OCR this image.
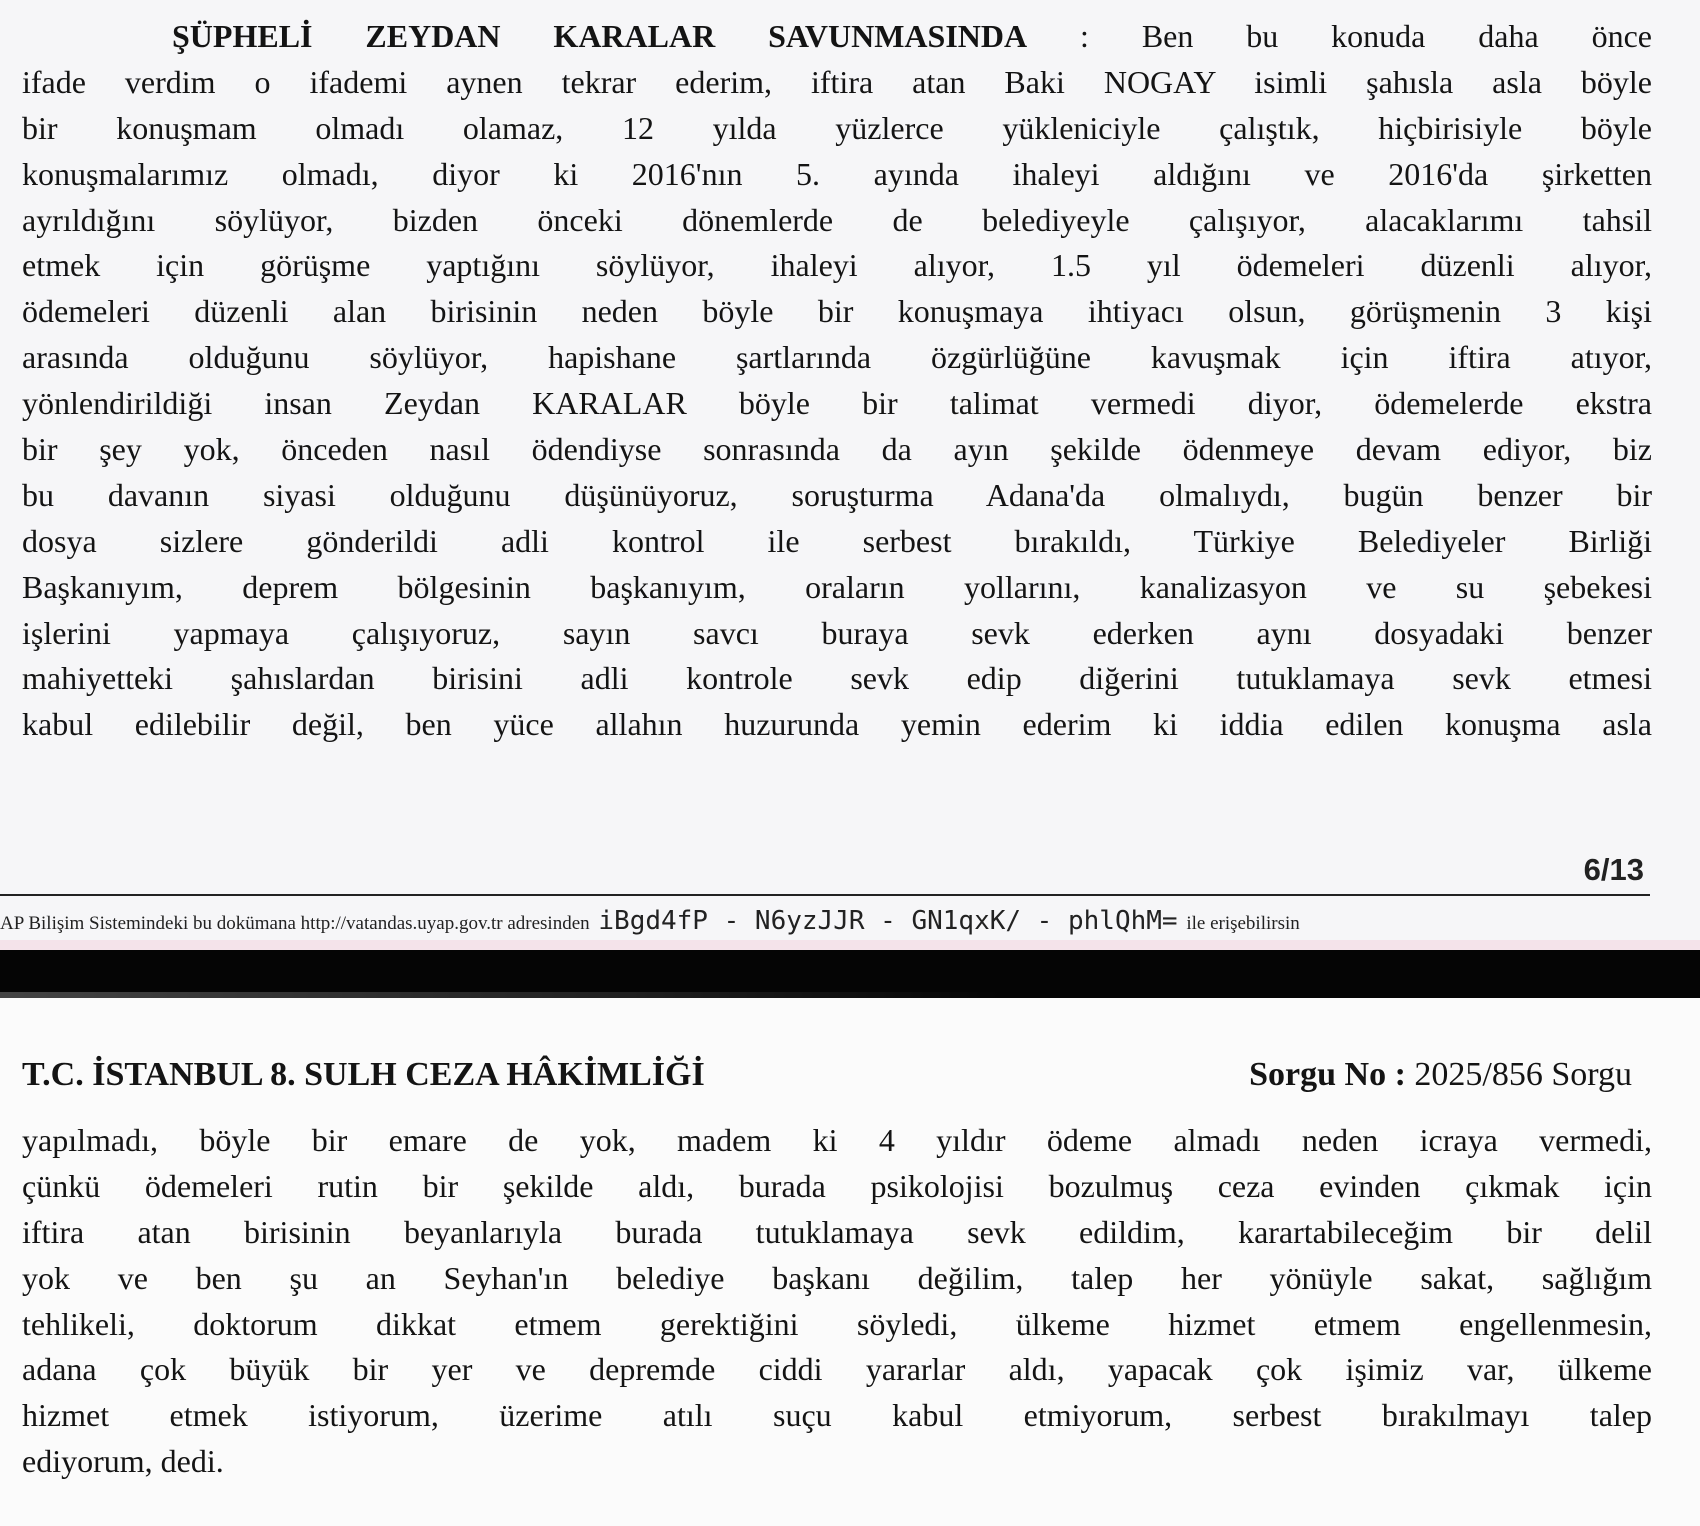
ŞÜPHELİ ZEYDAN KARALAR SAVUNMASINDA : Ben bu konuda daha önce
ifade verdim o ifademi aynen tekrar ederim, iftira atan Baki NOGAY isimli şahısla asla böyle
bir konuşmam olmadı olamaz, 12 yılda yüzlerce yükleniciyle çalıştık, hiçbirisiyle böyle
konuşmalarımız olmadı, diyor ki 2016'nın 5. ayında ihaleyi aldığını ve 2016'da şirketten
ayrıldığını söylüyor, bizden önceki dönemlerde de belediyeyle çalışıyor, alacaklarımı tahsil
etmek için görüşme yaptığını söylüyor, ihaleyi alıyor, 1.5 yıl ödemeleri düzenli alıyor,
ödemeleri düzenli alan birisinin neden böyle bir konuşmaya ihtiyacı olsun, görüşmenin 3 kişi
arasında olduğunu söylüyor, hapishane şartlarında özgürlüğüne kavuşmak için iftira atıyor,
yönlendirildiği insan Zeydan KARALAR böyle bir talimat vermedi diyor, ödemelerde ekstra
bir şey yok, önceden nasıl ödendiyse sonrasında da ayın şekilde ödenmeye devam ediyor, biz
bu davanın siyasi olduğunu düşünüyoruz, soruşturma Adana'da olmalıydı, bugün benzer bir
dosya sizlere gönderildi adli kontrol ile serbest bırakıldı, Türkiye Belediyeler Birliği
Başkanıyım, deprem bölgesinin başkanıyım, oraların yollarını, kanalizasyon ve su şebekesi
işlerini yapmaya çalışıyoruz, sayın savcı buraya sevk ederken aynı dosyadaki benzer
mahiyetteki şahıslardan birisini adli kontrole sevk edip diğerini tutuklamaya sevk etmesi
kabul edilebilir değil, ben yüce allahın huzurunda yemin ederim ki iddia edilen konuşma asla
6/13
AP Bilişim Sistemindeki bu dokümana http://vatandas.uyap.gov.tr adresinden iBgd4fP - N6yzJJR - GN1qxK/ - phlQhM= ile erişebilirsin
T.C. İSTANBUL 8. SULH CEZA HÂKİMLİĞİ	Sorgu No : 2025/856 Sorgu
yapılmadı, böyle bir emare de yok, madem ki 4 yıldır ödeme almadı neden icraya vermedi,
çünkü ödemeleri rutin bir şekilde aldı, burada psikolojisi bozulmuş ceza evinden çıkmak için
iftira atan birisinin beyanlarıyla burada tutuklamaya sevk edildim, karartabileceğim bir delil
yok ve ben şu an Seyhan'ın belediye başkanı değilim, talep her yönüyle sakat, sağlığım
tehlikeli, doktorum dikkat etmem gerektiğini söyledi, ülkeme hizmet etmem engellenmesin,
adana çok büyük bir yer ve depremde ciddi yararlar aldı, yapacak çok işimiz var, ülkeme
hizmet etmek istiyorum, üzerime atılı suçu kabul etmiyorum, serbest bırakılmayı talep
ediyorum, dedi.
